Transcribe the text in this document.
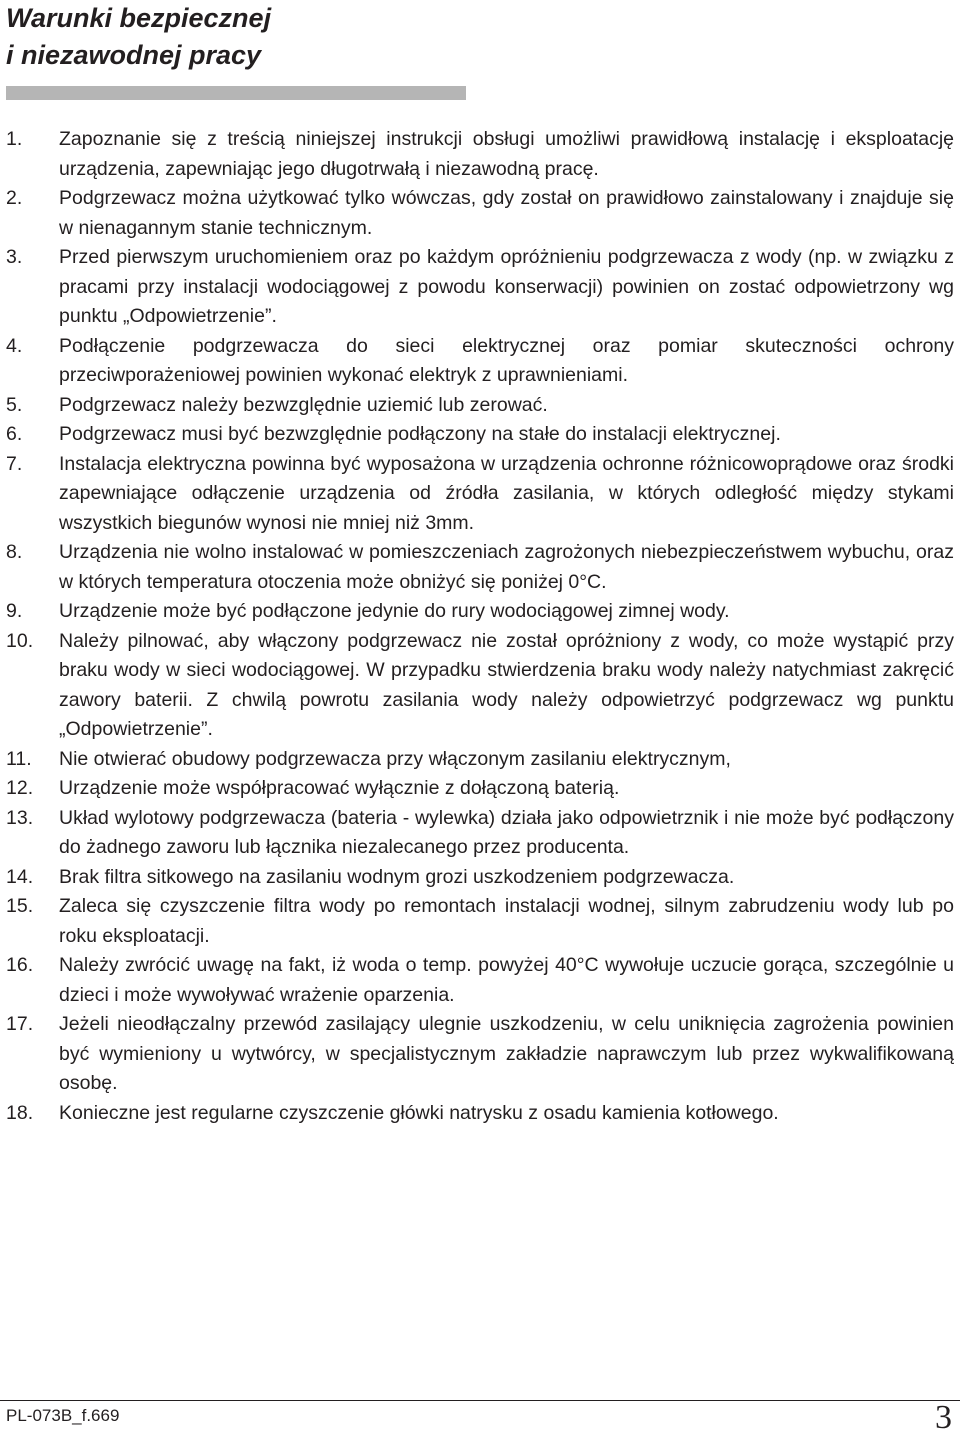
Warunki bezpiecznej
i niezawodnej pracy
1.	Zapoznanie się z treścią niniejszej instrukcji obsługi umożliwi prawidłową instalację i eksploatację urządzenia, zapewniając jego długotrwałą i niezawodną pracę.
2.	Podgrzewacz można użytkować tylko wówczas, gdy został on prawidłowo zainstalowany i znajduje się w nienagannym stanie technicznym.
3.	Przed pierwszym uruchomieniem oraz po każdym opróżnieniu podgrzewacza z wody (np. w związku z pracami przy instalacji wodociągowej z powodu konserwacji) powinien on zostać odpowietrzony wg punktu „Odpowietrzenie”.
4.	Podłączenie podgrzewacza do sieci elektrycznej oraz pomiar skuteczności ochrony przeciwporażeniowej powinien wykonać elektryk z uprawnieniami.
5.	Podgrzewacz należy bezwzględnie uziemić lub zerować.
6.	Podgrzewacz musi być bezwzględnie podłączony na stałe do instalacji elektrycznej.
7.	Instalacja elektryczna powinna być wyposażona w urządzenia ochronne różnicowoprądowe oraz środki zapewniające odłączenie urządzenia od źródła zasilania, w których odległość między stykami wszystkich biegunów wynosi nie mniej niż 3mm.
8.	Urządzenia nie wolno instalować w pomieszczeniach zagrożonych niebezpieczeństwem wybuchu, oraz w których temperatura otoczenia może obniżyć się poniżej 0°C.
9.	Urządzenie może być podłączone jedynie do rury wodociągowej zimnej wody.
10.	Należy pilnować, aby włączony podgrzewacz nie został opróżniony z wody, co może wystąpić przy braku wody w sieci wodociągowej. W przypadku stwierdzenia braku wody należy natychmiast zakręcić zawory baterii. Z chwilą powrotu zasilania wody należy odpowietrzyć podgrzewacz wg punktu „Odpowietrzenie”.
11.	Nie otwierać obudowy podgrzewacza przy włączonym zasilaniu elektrycznym,
12.	Urządzenie może współpracować wyłącznie z dołączoną baterią.
13.	Układ wylotowy podgrzewacza (bateria - wylewka) działa jako odpowietrznik i nie może być podłączony do żadnego zaworu lub łącznika niezalecanego przez producenta.
14.	Brak filtra sitkowego na zasilaniu wodnym grozi uszkodzeniem podgrzewacza.
15.	Zaleca się czyszczenie filtra wody po remontach instalacji wodnej, silnym zabrudzeniu wody lub po roku eksploatacji.
16.	Należy zwrócić uwagę na fakt, iż woda o temp. powyżej 40°C wywołuje uczucie gorąca, szczególnie u dzieci i może wywoływać wrażenie oparzenia.
17.	Jeżeli nieodłączalny przewód zasilający ulegnie uszkodzeniu, w celu uniknięcia zagrożenia powinien być wymieniony u wytwórcy, w specjalistycznym zakładzie naprawczym lub przez wykwalifikowaną osobę.
18.	Konieczne jest regularne czyszczenie główki natrysku z osadu kamienia kotłowego.
PL-073B_f.669	3
